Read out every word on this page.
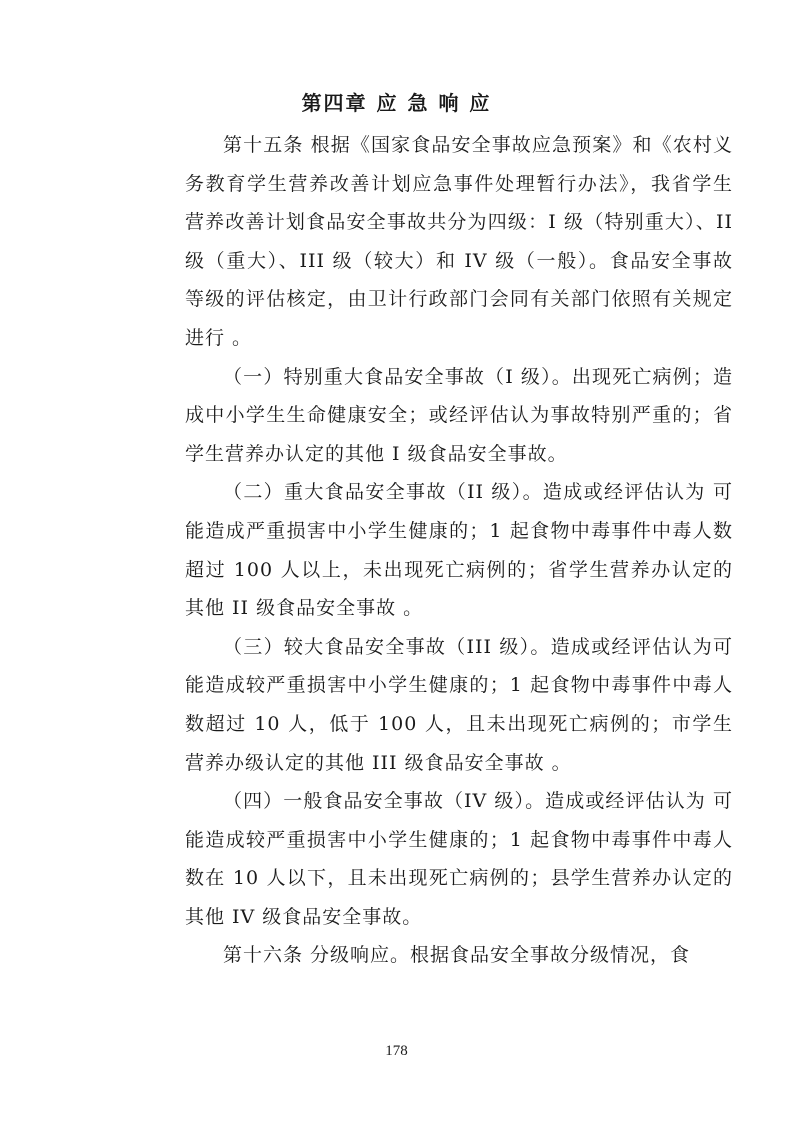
第四章 应 急 响 应

第十五条 根据《国家食品安全事故应急预案》和《农村义务教育学生营养改善计划应急事件处理暂行办法》，我省学生营养改善计划食品安全事故共分为四级：I 级（特别重大）、II 级（重大）、III 级（较大）和 IV 级（一般）。食品安全事故等级的评估核定，由卫计行政部门会同有关部门依照有关规定进行 。

（一）特别重大食品安全事故（I 级）。出现死亡病例；造成中小学生生命健康安全；或经评估认为事故特别严重的；省学生营养办认定的其他 I 级食品安全事故。

（二）重大食品安全事故（II 级）。造成或经评估认为 可能造成严重损害中小学生健康的；1 起食物中毒事件中毒人数超过 100 人以上，未出现死亡病例的；省学生营养办认定的其他 II 级食品安全事故 。

（三）较大食品安全事故（III 级）。造成或经评估认为可能造成较严重损害中小学生健康的；1 起食物中毒事件中毒人数超过 10 人，低于 100 人，且未出现死亡病例的；市学生营养办级认定的其他 III 级食品安全事故 。

（四）一般食品安全事故（IV 级）。造成或经评估认为 可能造成较严重损害中小学生健康的；1 起食物中毒事件中毒人数在 10 人以下，且未出现死亡病例的；县学生营养办认定的其他 IV 级食品安全事故。

第十六条 分级响应。根据食品安全事故分级情况，食

178
